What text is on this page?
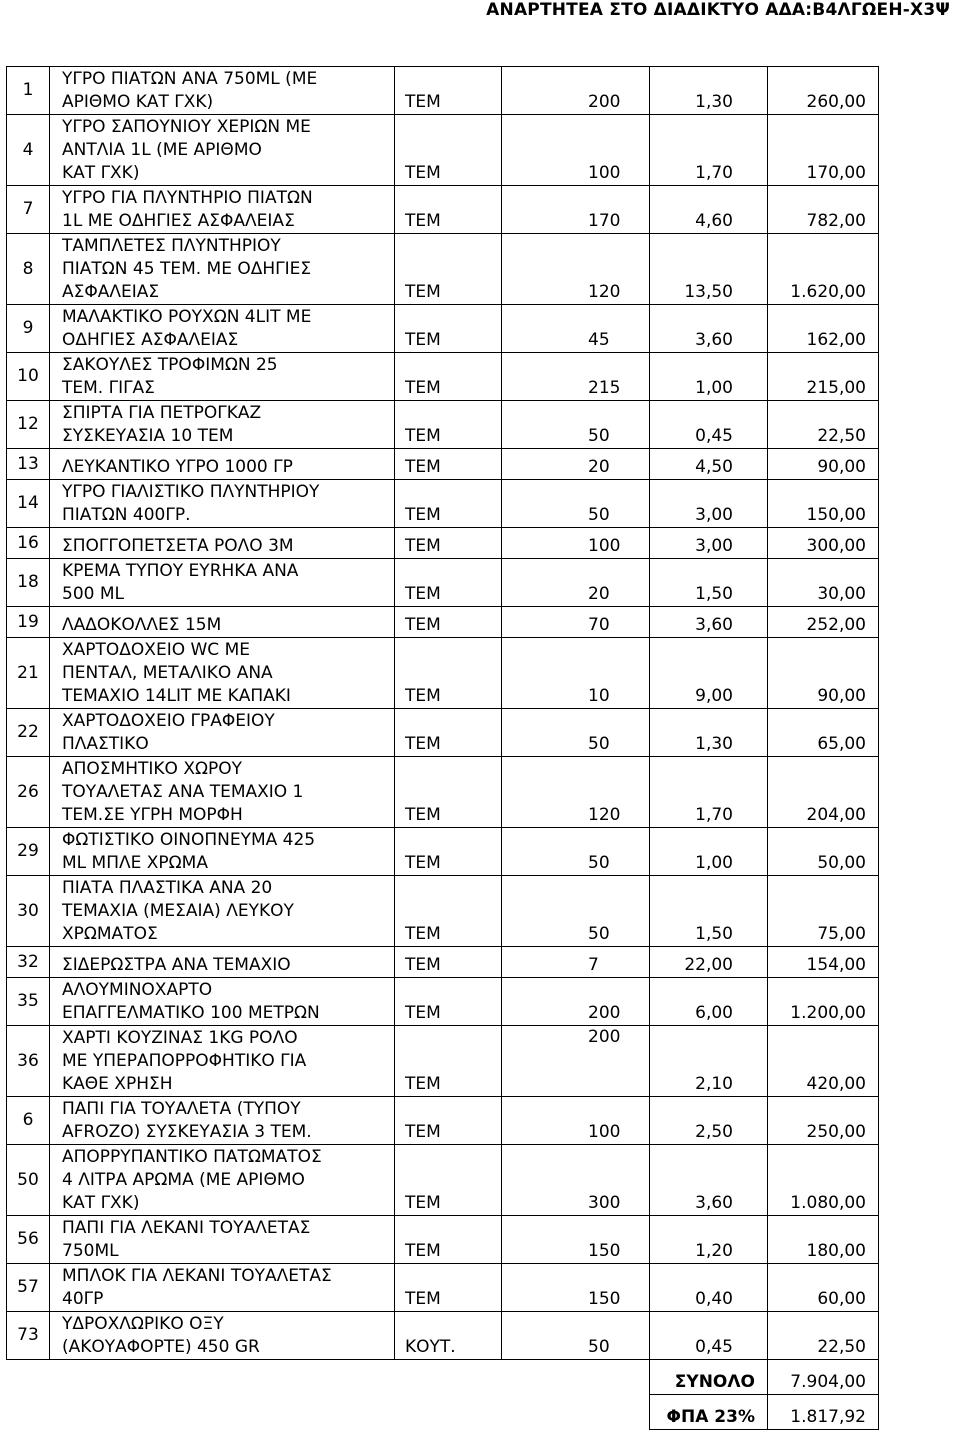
ΑΝΑΡΤΗΤΕΑ ΣΤΟ ΔΙΑΔΙΚΤΥΟ ΑΔΑ:Β4ΛΓΩΕΗ-Χ3Ψ
1	ΥΓΡΟ ΠΙΑΤΩΝ ΑΝΑ 750ML (ΜΕ
ΑΡΙΘΜΟ ΚΑΤ ΓΧΚ)	ΤΕΜ	200	1,30	260,00
4	ΥΓΡΟ ΣΑΠΟΥΝΙΟΥ ΧΕΡΙΩΝ ΜΕ
ΑΝΤΛΙΑ 1L (ΜΕ ΑΡΙΘΜΟ
ΚΑΤ ΓΧΚ)	ΤΕΜ	100	1,70	170,00
7	ΥΓΡΟ ΓΙΑ ΠΛΥΝΤΗΡΙΟ ΠΙΑΤΩΝ
1L ΜΕ ΟΔΗΓΙΕΣ ΑΣΦΑΛΕΙΑΣ	ΤΕΜ	170	4,60	782,00
8	ΤΑΜΠΛΕΤΕΣ ΠΛΥΝΤΗΡΙΟΥ
ΠΙΑΤΩΝ 45 ΤΕΜ. ΜΕ ΟΔΗΓΙΕΣ
ΑΣΦΑΛΕΙΑΣ	ΤΕΜ	120	13,50	1.620,00
9	ΜΑΛΑΚΤΙΚΟ ΡΟΥΧΩΝ 4LIT ΜΕ
ΟΔΗΓΙΕΣ ΑΣΦΑΛΕΙΑΣ	ΤΕΜ	45	3,60	162,00
10	ΣΑΚΟΥΛΕΣ ΤΡΟΦΙΜΩΝ 25
ΤΕΜ. ΓΙΓΑΣ	ΤΕΜ	215	1,00	215,00
12	ΣΠΙΡΤΑ ΓΙΑ ΠΕΤΡΟΓΚΑΖ
ΣΥΣΚΕΥΑΣΙΑ 10 ΤΕΜ	ΤΕΜ	50	0,45	22,50
13	ΛΕΥΚΑΝΤΙΚΟ ΥΓΡΟ 1000 ΓΡ	ΤΕΜ	20	4,50	90,00
14	ΥΓΡΟ ΓΙΑΛΙΣΤΙΚΟ ΠΛΥΝΤΗΡΙΟΥ
ΠΙΑΤΩΝ 400ΓΡ.	ΤΕΜ	50	3,00	150,00
16	ΣΠΟΓΓΟΠΕΤΣΕΤΑ ΡΟΛΟ 3Μ	ΤΕΜ	100	3,00	300,00
18	ΚΡΕΜΑ ΤΥΠΟΥ ΕΥRΗΚΑ ΑΝΑ
500 ML	ΤΕΜ	20	1,50	30,00
19	ΛΑΔΟΚΟΛΛΕΣ 15Μ	ΤΕΜ	70	3,60	252,00
21	ΧΑΡΤΟΔΟΧΕΙΟ WC ΜΕ
ΠΕΝΤΑΛ, ΜΕΤΑΛΙΚΟ ΑΝΑ
ΤΕΜΑΧΙΟ 14LIT ΜΕ ΚΑΠΑΚΙ	ΤΕΜ	10	9,00	90,00
22	ΧΑΡΤΟΔΟΧΕΙΟ ΓΡΑΦΕΙΟΥ
ΠΛΑΣΤΙΚΟ	ΤΕΜ	50	1,30	65,00
26	ΑΠΟΣΜΗΤΙΚΟ ΧΩΡΟΥ
ΤΟΥΑΛΕΤΑΣ ΑΝΑ ΤΕΜΑΧΙΟ 1
ΤΕΜ.ΣΕ ΥΓΡΗ ΜΟΡΦΗ	ΤΕΜ	120	1,70	204,00
29	ΦΩΤΙΣΤΙΚΟ ΟΙΝΟΠΝΕΥΜΑ 425
ML ΜΠΛΕ ΧΡΩΜΑ	ΤΕΜ	50	1,00	50,00
30	ΠΙΑΤΑ ΠΛΑΣΤΙΚΑ ΑΝΑ 20
ΤΕΜΑΧΙΑ (ΜΕΣΑΙΑ) ΛΕΥΚΟΥ
ΧΡΩΜΑΤΟΣ	ΤΕΜ	50	1,50	75,00
32	ΣΙΔΕΡΩΣΤΡΑ ΑΝΑ ΤΕΜΑΧΙΟ	ΤΕΜ	7	22,00	154,00
35	ΑΛΟΥΜΙΝΟΧΑΡΤΟ
ΕΠΑΓΓΕΛΜΑΤΙΚΟ 100 ΜΕΤΡΩΝ	ΤΕΜ	200	6,00	1.200,00
36	ΧΑΡΤΙ ΚΟΥΖΙΝΑΣ 1KG ΡΟΛΟ
ΜΕ ΥΠΕΡΑΠΟΡΡΟΦΗΤΙΚΟ ΓΙΑ
ΚΑΘΕ ΧΡΗΣΗ	ΤΕΜ	200	2,10	420,00
6	ΠΑΠΙ ΓΙΑ ΤΟΥΑΛΕΤΑ (ΤΥΠΟΥ
AFROZO) ΣΥΣΚΕΥΑΣΙΑ 3 ΤΕΜ.	ΤΕΜ	100	2,50	250,00
50	ΑΠΟΡΡΥΠΑΝΤΙΚΟ ΠΑΤΩΜΑΤΟΣ
4 ΛΙΤΡΑ ΑΡΩΜΑ (ΜΕ ΑΡΙΘΜΟ
ΚΑΤ ΓΧΚ)	ΤΕΜ	300	3,60	1.080,00
56	ΠΑΠΙ ΓΙΑ ΛΕΚΑΝΙ ΤΟΥΑΛΕΤΑΣ
750ML	ΤΕΜ	150	1,20	180,00
57	ΜΠΛΟΚ ΓΙΑ ΛΕΚΑΝΙ ΤΟΥΑΛΕΤΑΣ
40ΓΡ	ΤΕΜ	150	0,40	60,00
73	ΥΔΡΟΧΛΩΡΙΚΟ ΟΞΥ
(ΑΚΟΥΑΦΟΡΤΕ) 450 GR	ΚΟΥΤ.	50	0,45	22,50
				ΣΥΝΟΛΟ	7.904,00
				ΦΠΑ 23%	1.817,92
